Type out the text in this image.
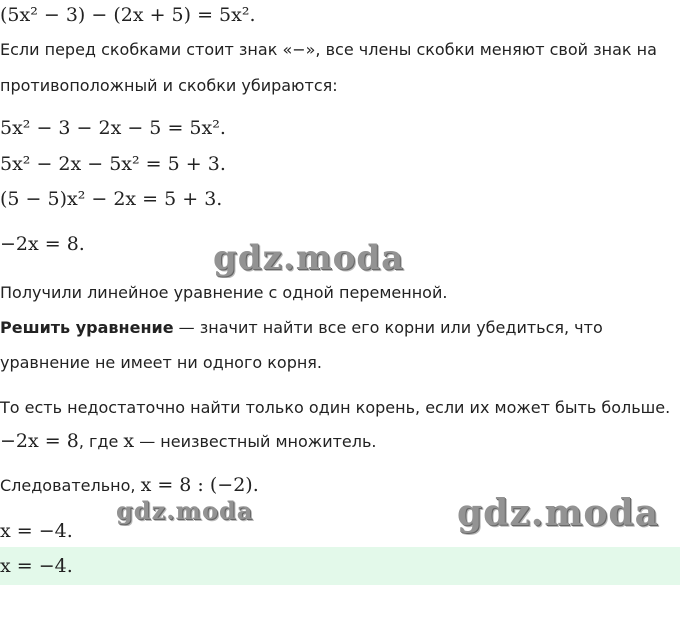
(5x² − 3) − (2x + 5) = 5x².
Если перед скобками стоит знак «−», все члены скобки меняют свой знак на
противоположный и скобки убираются:
5x² − 3 − 2x − 5 = 5x².
5x² − 2x − 5x² = 5 + 3.
(5 − 5)x² − 2x = 5 + 3.
−2x = 8.	gdz.moda
Получили линейное уравнение с одной переменной.
Решить уравнение — значит найти все его корни или убедиться, что
уравнение не имеет ни одного корня.
То есть недостаточно найти только один корень, если их может быть больше.
−2x = 8, где x — неизвестный множитель.
Следовательно, x = 8 : (−2).
gdz.moda	gdz.moda
x = −4.
x = −4.
